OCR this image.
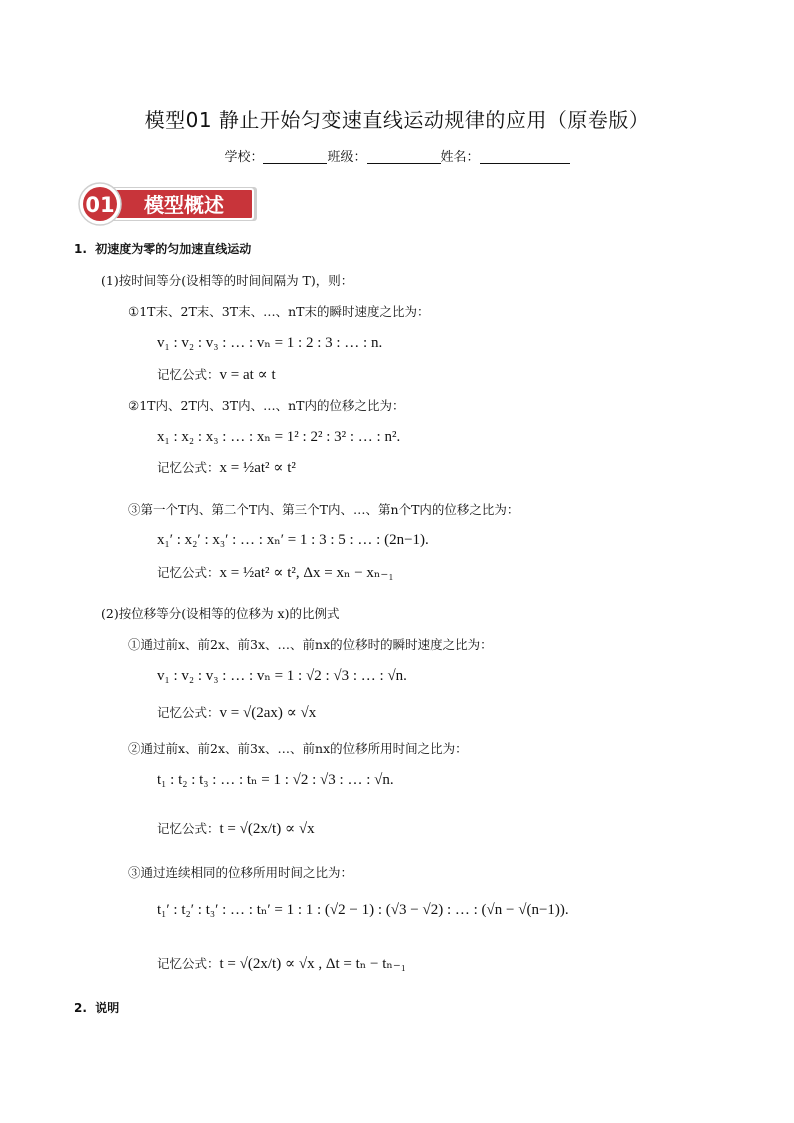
模型01 静止开始匀变速直线运动规律的应用（原卷版）
学校：	班级：	姓名：
01 模型概述
1. 初速度为零的匀加速直线运动
(1)按时间等分(设相等的时间间隔为 T)，则：
①1T末、2T末、3T末、…、nT末的瞬时速度之比为：
v₁ : v₂ : v₃ : … : vₙ = 1 : 2 : 3 : … : n.
记忆公式：v = at ∝ t
②1T内、2T内、3T内、…、nT内的位移之比为：
x₁ : x₂ : x₃ : … : xₙ = 1² : 2² : 3² : … : n².
记忆公式：x = ½at² ∝ t²
③第一个T内、第二个T内、第三个T内、…、第n个T内的位移之比为：
x₁′ : x₂′ : x₃′ : … : xₙ′ = 1 : 3 : 5 : … : (2n−1).
记忆公式：x = ½at² ∝ t², Δx = xₙ − xₙ₋₁
(2)按位移等分(设相等的位移为 x)的比例式
①通过前x、前2x、前3x、…、前nx的位移时的瞬时速度之比为：
v₁ : v₂ : v₃ : … : vₙ = 1 : √2 : √3 : … : √n.
记忆公式：v = √(2ax) ∝ √x
②通过前x、前2x、前3x、…、前nx的位移所用时间之比为：
t₁ : t₂ : t₃ : … : tₙ = 1 : √2 : √3 : … : √n.
记忆公式：t = √(2x/t) ∝ √x
③通过连续相同的位移所用时间之比为：
t₁′ : t₂′ : t₃′ : … : tₙ′ = 1 : 1 : (√2 − 1) : (√3 − √2) : … : (√n − √(n−1)).
记忆公式：t = √(2x/t) ∝ √x , Δt = tₙ − tₙ₋₁
2. 说明
